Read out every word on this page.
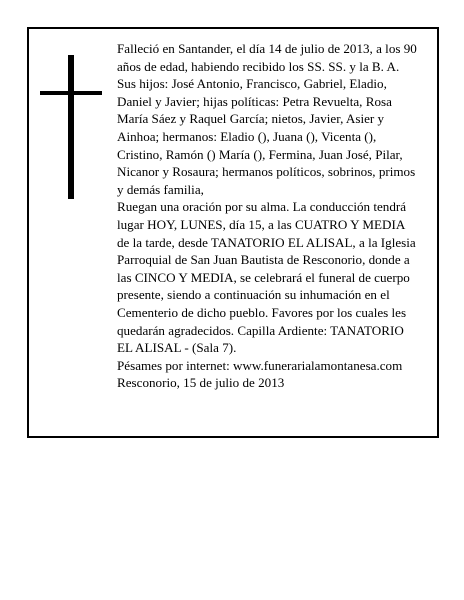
Falleció en Santander, el día 14 de julio de 2013, a los 90 años de edad, habiendo recibido los SS. SS. y la B. A.

Sus hijos: José Antonio, Francisco, Gabriel, Eladio, Daniel y Javier; hijas políticas: Petra Revuelta, Rosa María Sáez y Raquel García; nietos, Javier, Asier y Ainhoa; hermanos: Eladio (), Juana (), Vicenta (), Cristino, Ramón () María (), Fermina, Juan José, Pilar, Nicanor y Rosaura; hermanos políticos, sobrinos, primos y demás familia,

Ruegan una oración por su alma. La conducción tendrá lugar HOY, LUNES, día 15, a las CUATRO Y MEDIA de la tarde, desde TANATORIO EL ALISAL, a la Iglesia Parroquial de San Juan Bautista de Resconorio, donde a las CINCO Y MEDIA, se celebrará el funeral de cuerpo presente, siendo a continuación su inhumación en el Cementerio de dicho pueblo. Favores por los cuales les quedarán agradecidos. Capilla Ardiente: TANATORIO EL ALISAL - (Sala 7).

Pésames por internet: www.funerarialamontanesa.com

Resconorio, 15 de julio de 2013
